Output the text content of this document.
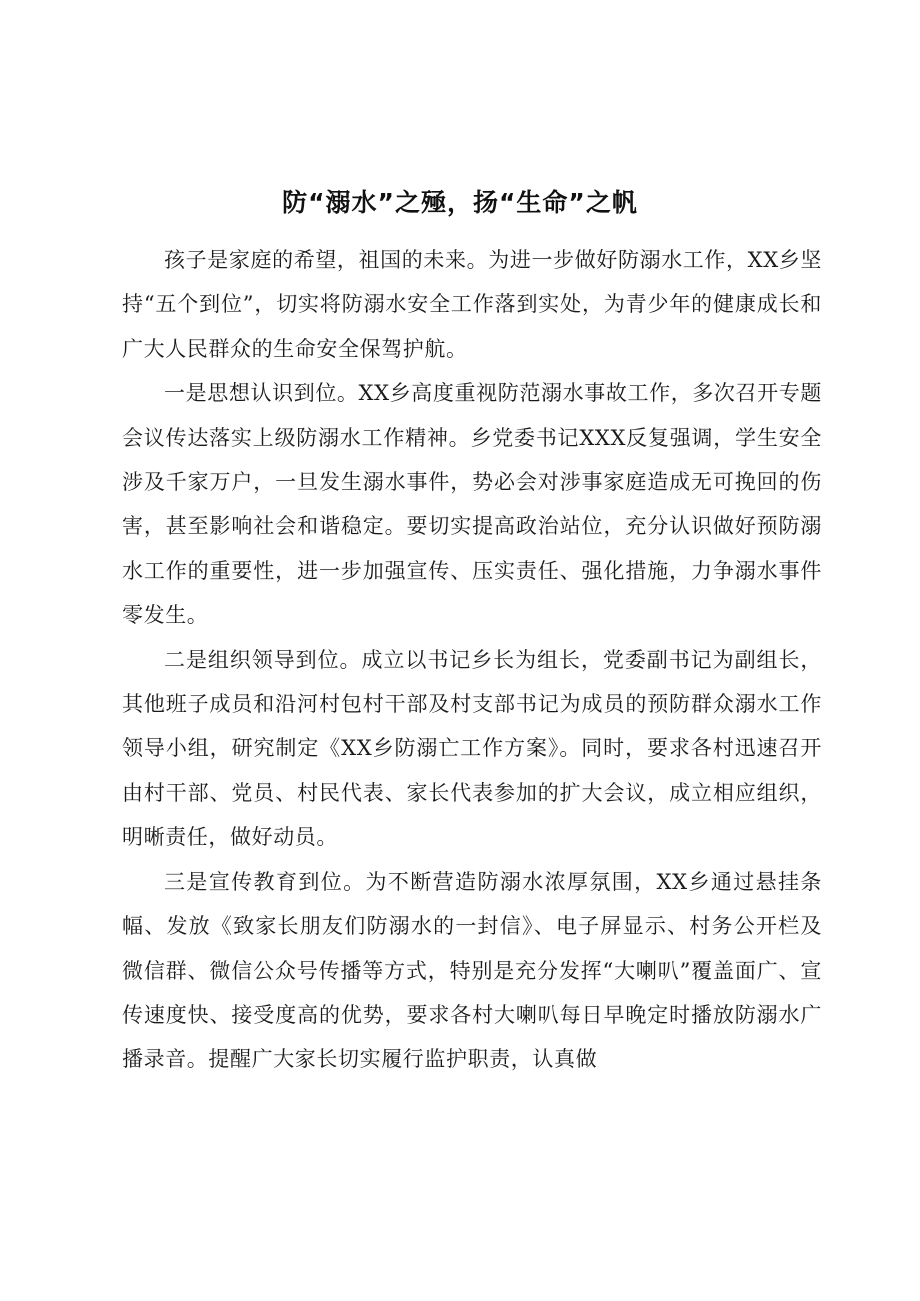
防“溺水”之殛，扬“生命”之帆

孩子是家庭的希望，祖国的未来。为进一步做好防溺水工作，XX乡坚持“五个到位”，切实将防溺水安全工作落到实处，为青少年的健康成长和广大人民群众的生命安全保驾护航。

一是思想认识到位。XX乡高度重视防范溺水事故工作，多次召开专题会议传达落实上级防溺水工作精神。乡党委书记XXX反复强调，学生安全涉及千家万户，一旦发生溺水事件，势必会对涉事家庭造成无可挽回的伤害，甚至影响社会和谐稳定。要切实提高政治站位，充分认识做好预防溺水工作的重要性，进一步加强宣传、压实责任、强化措施，力争溺水事件零发生。

二是组织领导到位。成立以书记乡长为组长，党委副书记为副组长，其他班子成员和沿河村包村干部及村支部书记为成员的预防群众溺水工作领导小组，研究制定《XX乡防溺亡工作方案》。同时，要求各村迅速召开由村干部、党员、村民代表、家长代表参加的扩大会议，成立相应组织，明晰责任，做好动员。

三是宣传教育到位。为不断营造防溺水浓厚氛围，XX乡通过悬挂条幅、发放《致家长朋友们防溺水的一封信》、电子屏显示、村务公开栏及微信群、微信公众号传播等方式，特别是充分发挥“大喇叭”覆盖面广、宣传速度快、接受度高的优势，要求各村大喇叭每日早晚定时播放防溺水广播录音。提醒广大家长切实履行监护职责，认真做
